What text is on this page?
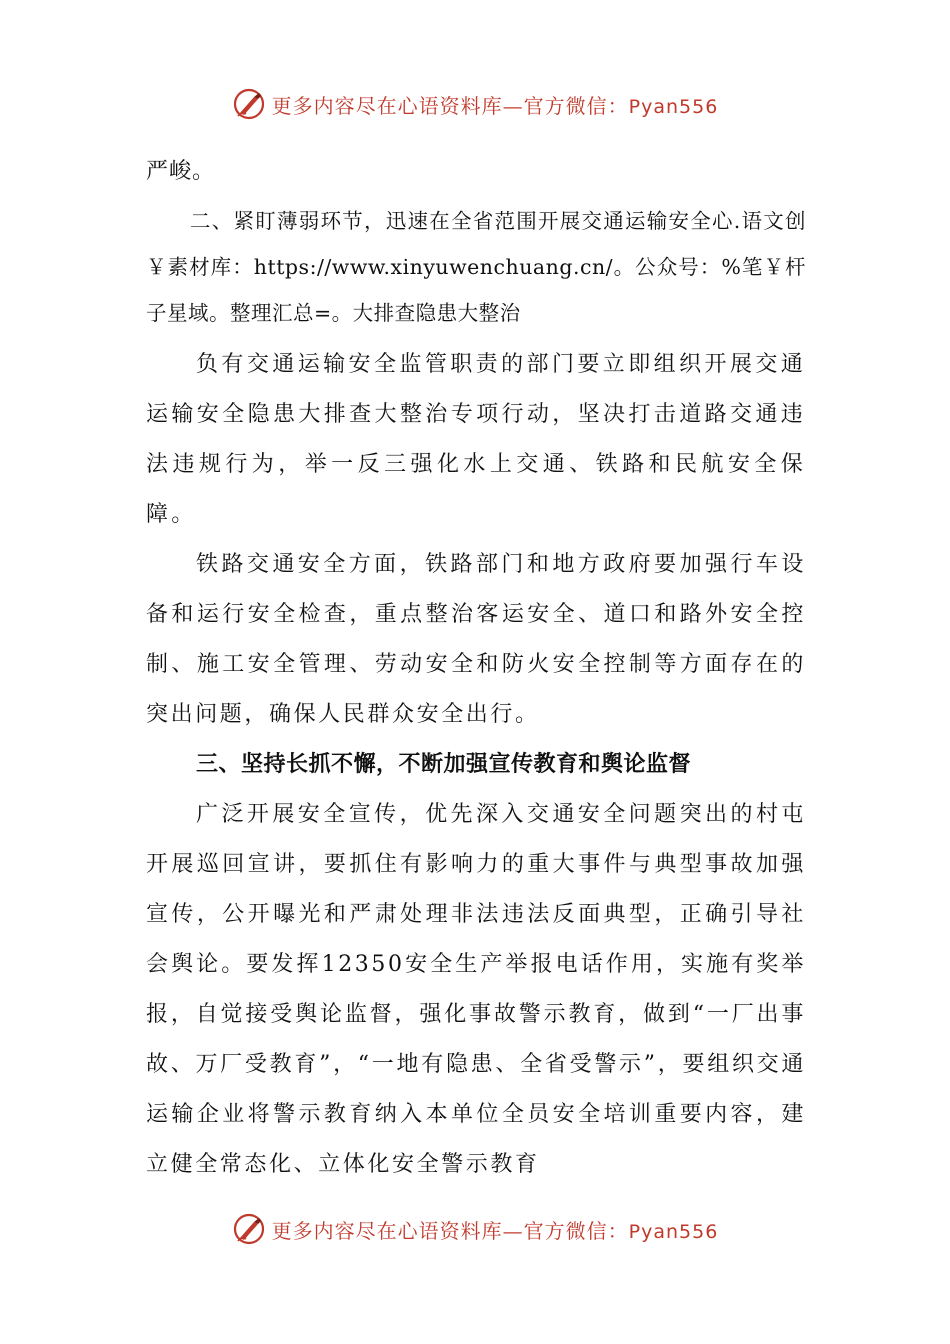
更多内容尽在心语资料库—官方微信：Pyan556

严峻。

二、紧盯薄弱环节，迅速在全省范围开展交通运输安全心.语文创￥素材库：https://www.xinyuwenchuang.cn/。公众号：%笔￥杆子星域。整理汇总=。大排查隐患大整治

负有交通运输安全监管职责的部门要立即组织开展交通运输安全隐患大排查大整治专项行动，坚决打击道路交通违法违规行为，举一反三强化水上交通、铁路和民航安全保障。

铁路交通安全方面，铁路部门和地方政府要加强行车设备和运行安全检查，重点整治客运安全、道口和路外安全控制、施工安全管理、劳动安全和防火安全控制等方面存在的突出问题，确保人民群众安全出行。

三、坚持长抓不懈，不断加强宣传教育和舆论监督

广泛开展安全宣传，优先深入交通安全问题突出的村屯开展巡回宣讲，要抓住有影响力的重大事件与典型事故加强宣传，公开曝光和严肃处理非法违法反面典型，正确引导社会舆论。要发挥12350安全生产举报电话作用，实施有奖举报，自觉接受舆论监督，强化事故警示教育，做到“一厂出事故、万厂受教育”，“一地有隐患、全省受警示”，要组织交通运输企业将警示教育纳入本单位全员安全培训重要内容，建立健全常态化、立体化安全警示教育

更多内容尽在心语资料库—官方微信：Pyan556
